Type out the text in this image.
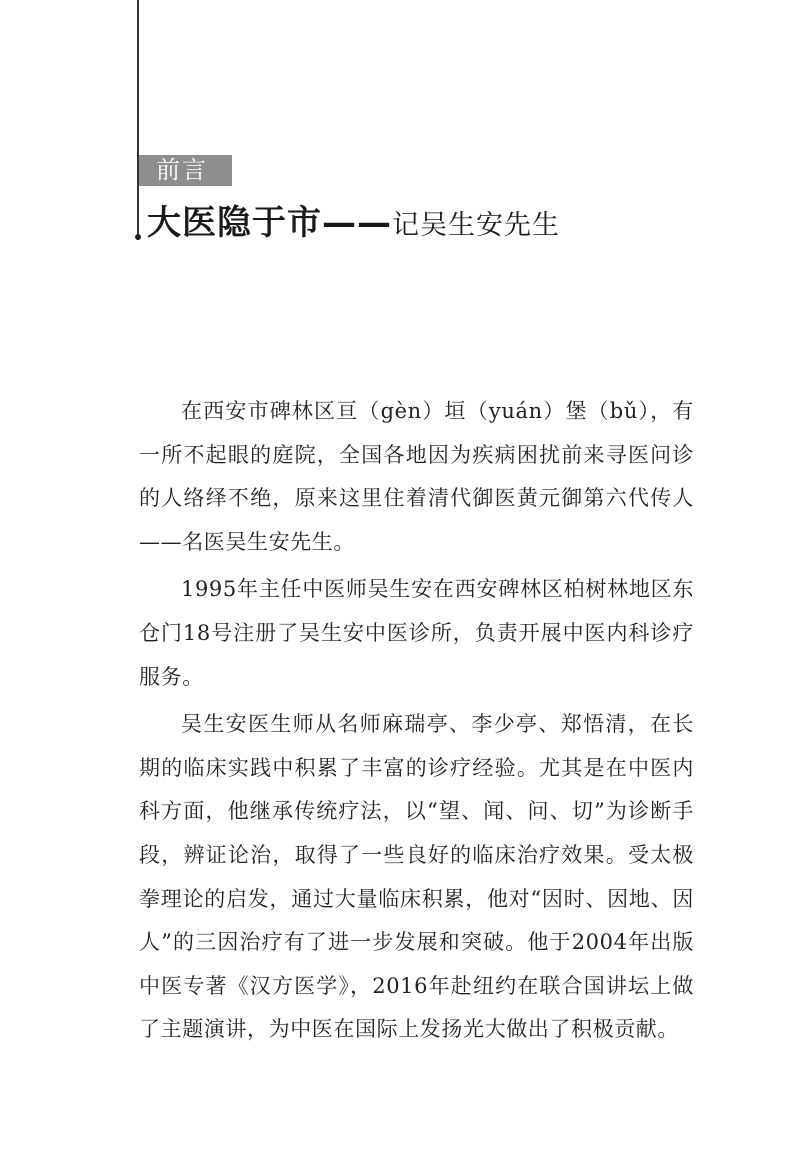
前言
大医隐于市——记吴生安先生

在西安市碑林区亘（gèn）垣（yuán）堡（bǔ），有一所不起眼的庭院，全国各地因为疾病困扰前来寻医问诊的人络绎不绝，原来这里住着清代御医黄元御第六代传人——名医吴生安先生。

1995年主任中医师吴生安在西安碑林区柏树林地区东仓门18号注册了吴生安中医诊所，负责开展中医内科诊疗服务。

吴生安医生师从名师麻瑞亭、李少亭、郑悟清，在长期的临床实践中积累了丰富的诊疗经验。尤其是在中医内科方面，他继承传统疗法，以“望、闻、问、切”为诊断手段，辨证论治，取得了一些良好的临床治疗效果。受太极拳理论的启发，通过大量临床积累，他对“因时、因地、因人”的三因治疗有了进一步发展和突破。他于2004年出版中医专著《汉方医学》，2016年赴纽约在联合国讲坛上做了主题演讲，为中医在国际上发扬光大做出了积极贡献。
